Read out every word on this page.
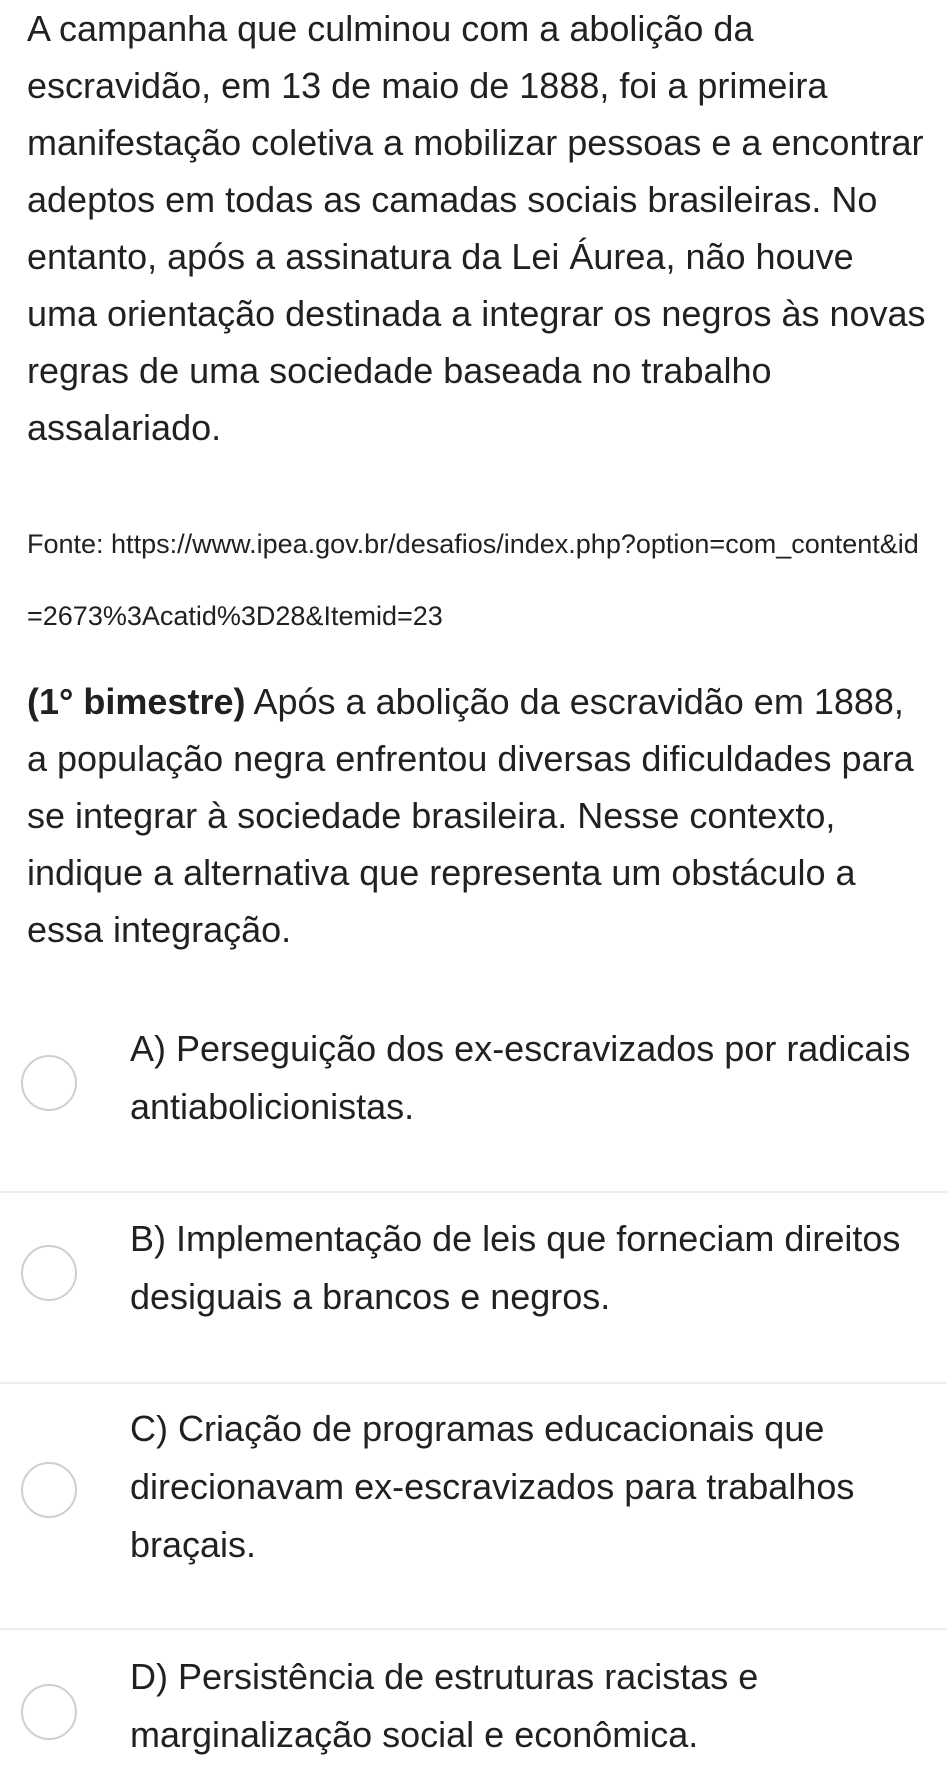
A campanha que culminou com a abolição da escravidão, em 13 de maio de 1888, foi a primeira manifestação coletiva a mobilizar pessoas e a encontrar adeptos em todas as camadas sociais brasileiras. No entanto, após a assinatura da Lei Áurea, não houve uma orientação destinada a integrar os negros às novas regras de uma sociedade baseada no trabalho assalariado.

Fonte: https://www.ipea.gov.br/desafios/index.php?option=com_content&id=2673%3Acatid%3D28&Itemid=23

(1° bimestre) Após a abolição da escravidão em 1888, a população negra enfrentou diversas dificuldades para se integrar à sociedade brasileira. Nesse contexto, indique a alternativa que representa um obstáculo a essa integração.

A) Perseguição dos ex-escravizados por radicais antiabolicionistas.

B) Implementação de leis que forneciam direitos desiguais a brancos e negros.

C) Criação de programas educacionais que direcionavam ex-escravizados para trabalhos braçais.

D) Persistência de estruturas racistas e marginalização social e econômica.
